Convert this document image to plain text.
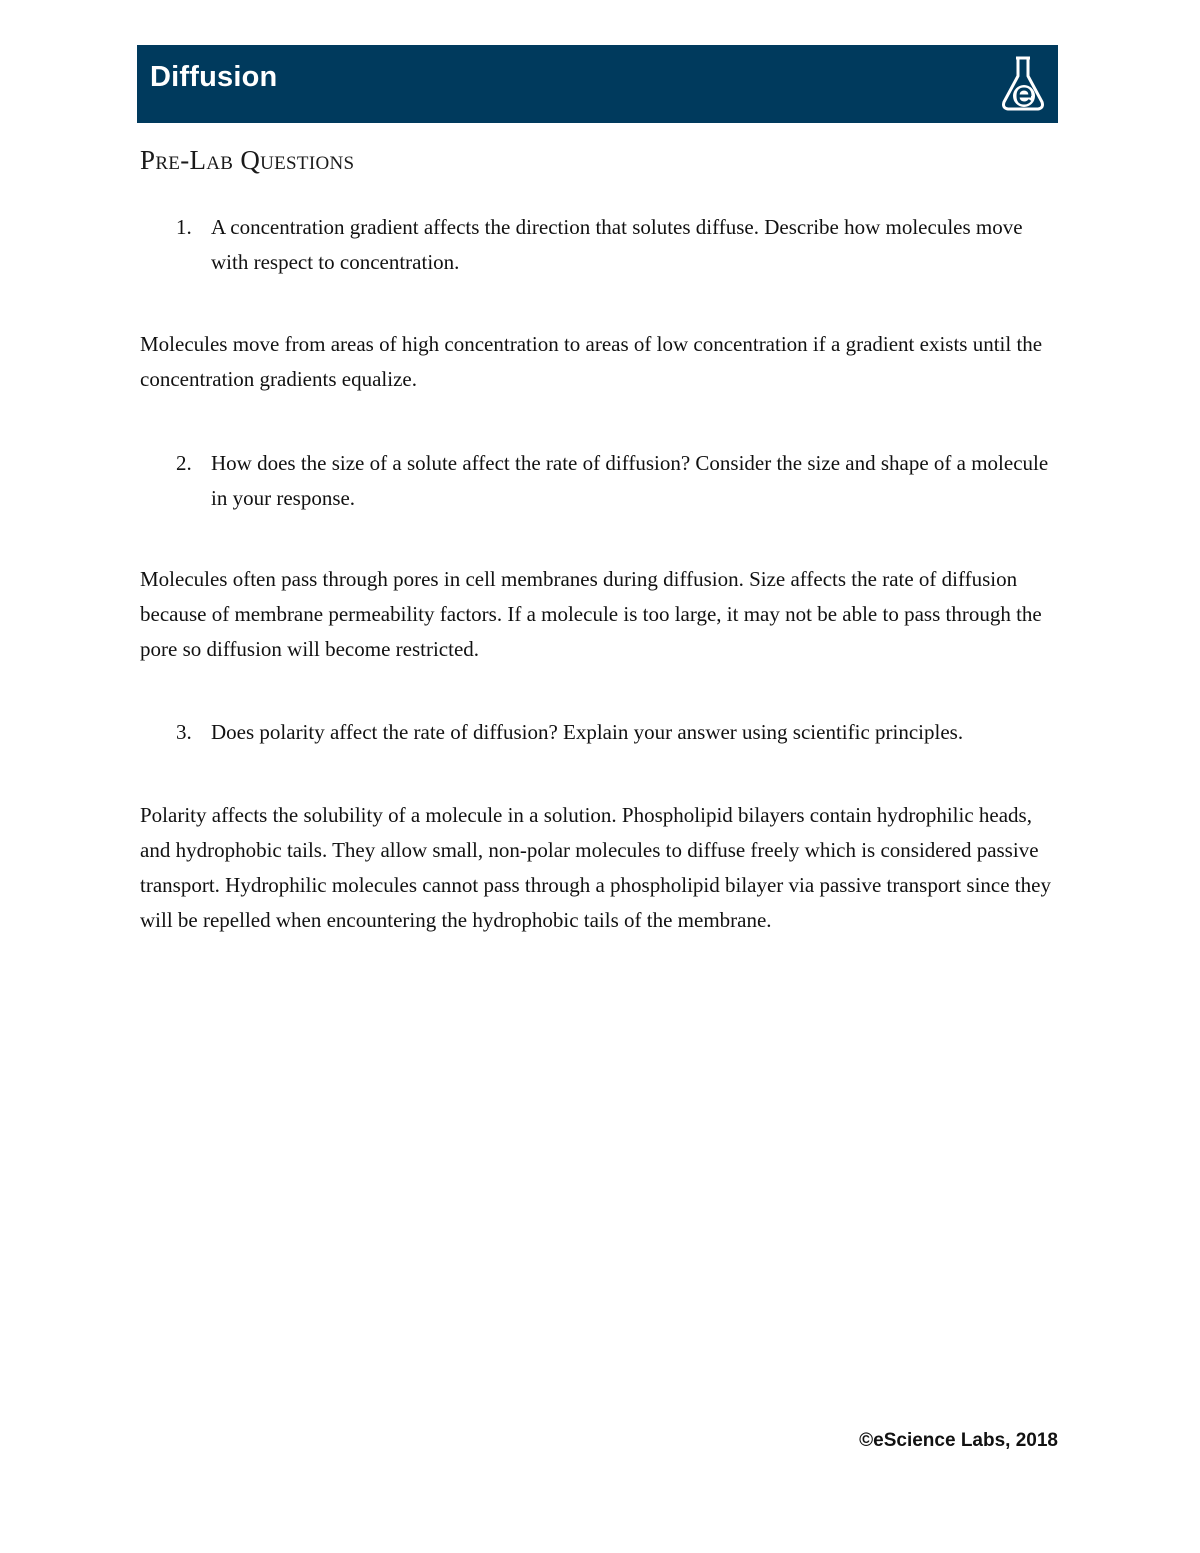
Diffusion
Pre-Lab Questions
1. A concentration gradient affects the direction that solutes diffuse. Describe how molecules move with respect to concentration.
Molecules move from areas of high concentration to areas of low concentration if a gradient exists until the concentration gradients equalize.
2. How does the size of a solute affect the rate of diffusion? Consider the size and shape of a molecule in your response.
Molecules often pass through pores in cell membranes during diffusion. Size affects the rate of diffusion because of membrane permeability factors. If a molecule is too large, it may not be able to pass through the pore so diffusion will become restricted.
3. Does polarity affect the rate of diffusion? Explain your answer using scientific principles.
Polarity affects the solubility of a molecule in a solution. Phospholipid bilayers contain hydrophilic heads, and hydrophobic tails. They allow small, non-polar molecules to diffuse freely which is considered passive transport. Hydrophilic molecules cannot pass through a phospholipid bilayer via passive transport since they will be repelled when encountering the hydrophobic tails of the membrane.
©eScience Labs, 2018
